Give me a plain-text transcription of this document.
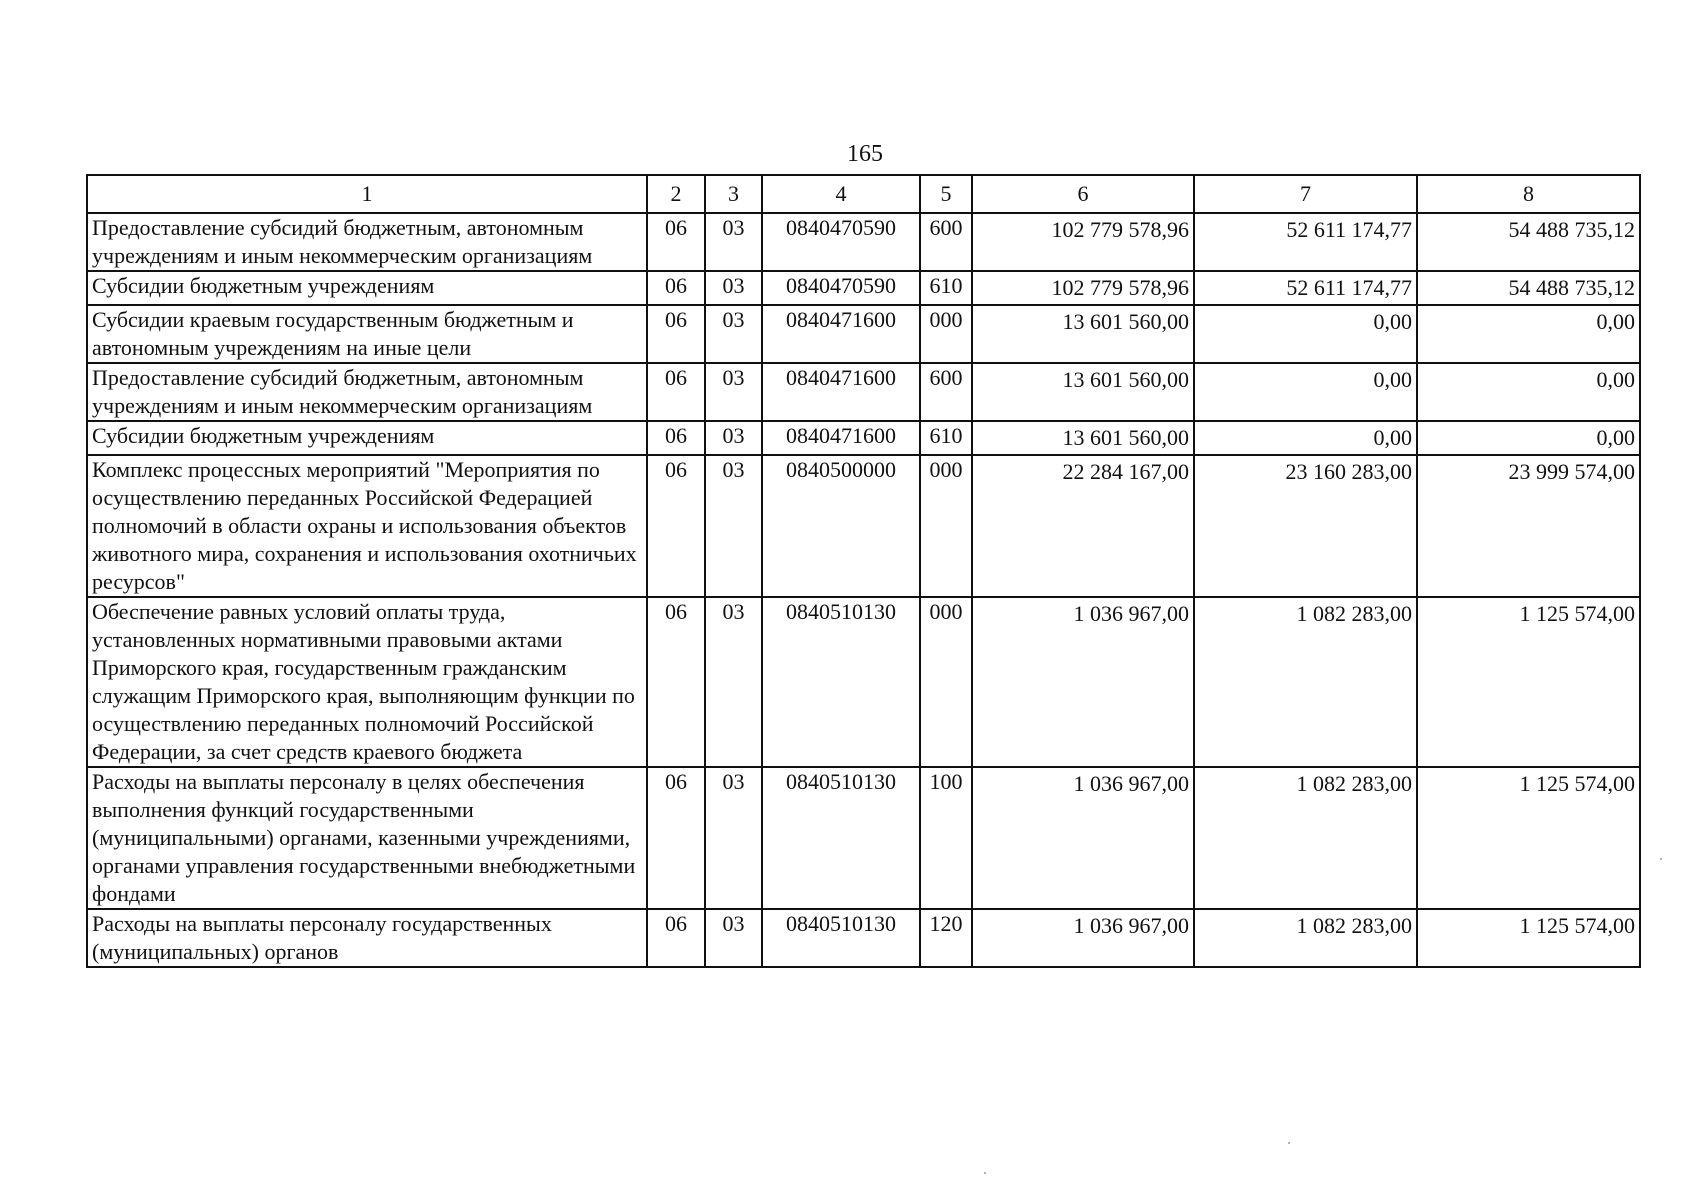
165
1	2	3	4	5	6	7	8
Предоставление субсидий бюджетным, автономным учреждениям и иным некоммерческим организациям	06	03	0840470590	600	102 779 578,96	52 611 174,77	54 488 735,12
Субсидии бюджетным учреждениям	06	03	0840470590	610	102 779 578,96	52 611 174,77	54 488 735,12
Субсидии краевым государственным бюджетным и автономным учреждениям на иные цели	06	03	0840471600	000	13 601 560,00	0,00	0,00
Предоставление субсидий бюджетным, автономным учреждениям и иным некоммерческим организациям	06	03	0840471600	600	13 601 560,00	0,00	0,00
Субсидии бюджетным учреждениям	06	03	0840471600	610	13 601 560,00	0,00	0,00
Комплекс процессных мероприятий "Мероприятия по осуществлению переданных Российской Федерацией полномочий в области охраны и использования объектов животного мира, сохранения и использования охотничьих ресурсов"	06	03	0840500000	000	22 284 167,00	23 160 283,00	23 999 574,00
Обеспечение равных условий оплаты труда, установленных нормативными правовыми актами Приморского края, государственным гражданским служащим Приморского края, выполняющим функции по осуществлению переданных полномочий Российской Федерации, за счет средств краевого бюджета	06	03	0840510130	000	1 036 967,00	1 082 283,00	1 125 574,00
Расходы на выплаты персоналу в целях обеспечения выполнения функций государственными (муниципальными) органами, казенными учреждениями, органами управления государственными внебюджетными фондами	06	03	0840510130	100	1 036 967,00	1 082 283,00	1 125 574,00
Расходы на выплаты персоналу государственных (муниципальных) органов	06	03	0840510130	120	1 036 967,00	1 082 283,00	1 125 574,00
